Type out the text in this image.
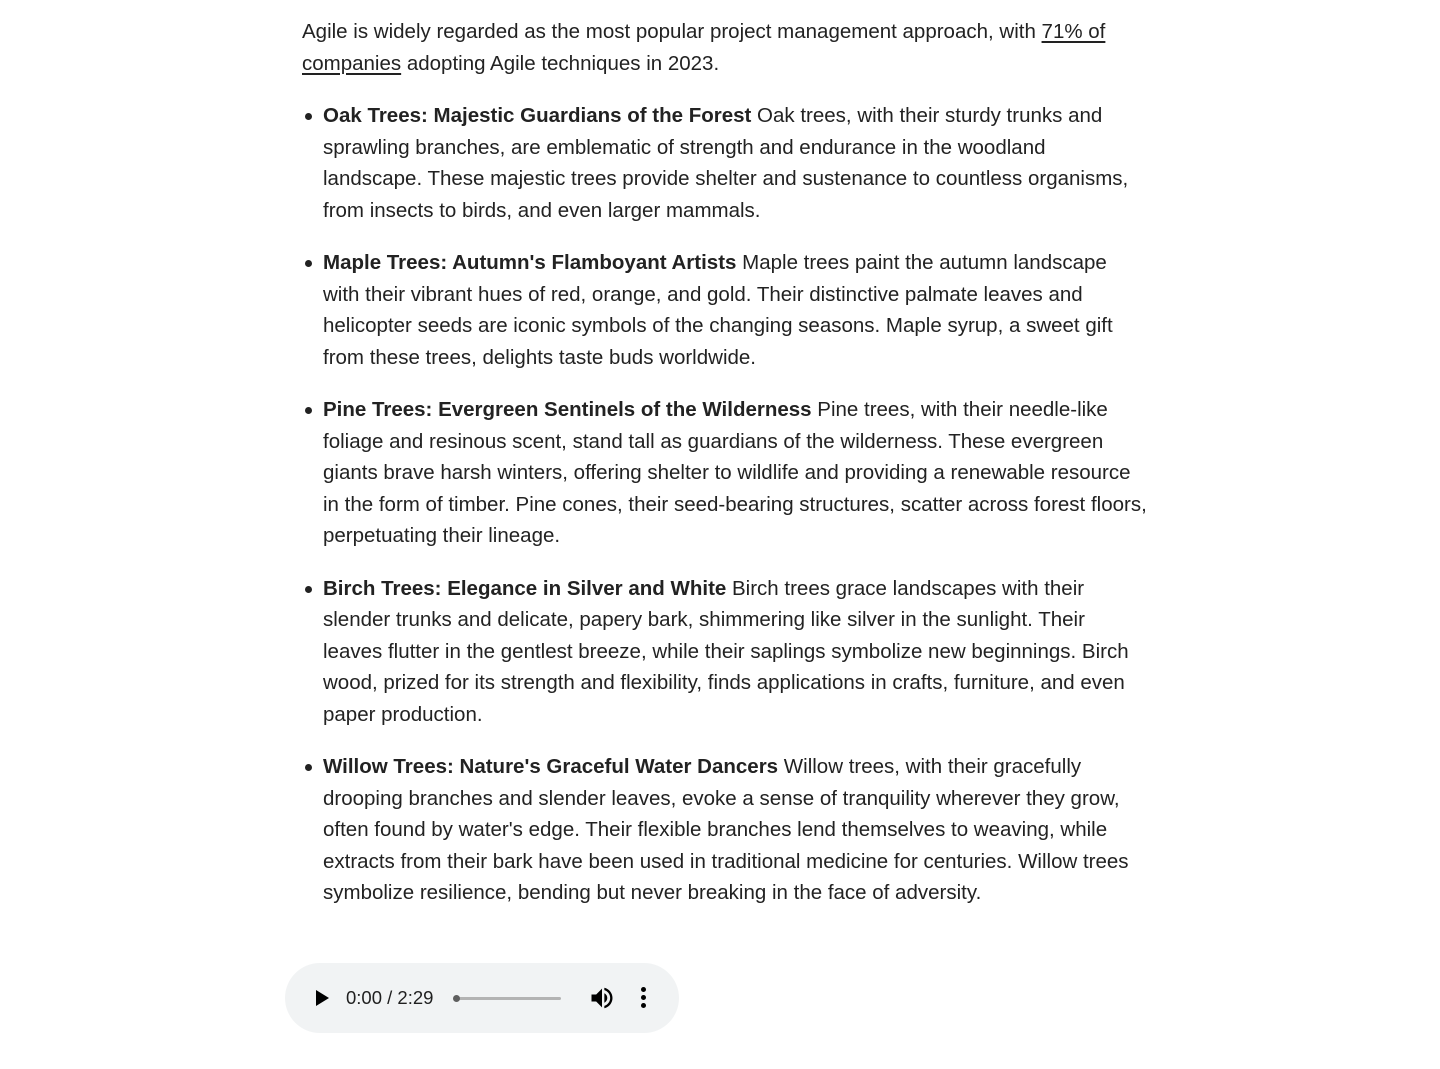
Agile is widely regarded as the most popular project management approach, with 71% of companies adopting Agile techniques in 2023.

Oak Trees: Majestic Guardians of the Forest Oak trees, with their sturdy trunks and sprawling branches, are emblematic of strength and endurance in the woodland landscape. These majestic trees provide shelter and sustenance to countless organisms, from insects to birds, and even larger mammals.
Maple Trees: Autumn's Flamboyant Artists Maple trees paint the autumn landscape with their vibrant hues of red, orange, and gold. Their distinctive palmate leaves and helicopter seeds are iconic symbols of the changing seasons. Maple syrup, a sweet gift from these trees, delights taste buds worldwide.
Pine Trees: Evergreen Sentinels of the Wilderness Pine trees, with their needle-like foliage and resinous scent, stand tall as guardians of the wilderness. These evergreen giants brave harsh winters, offering shelter to wildlife and providing a renewable resource in the form of timber. Pine cones, their seed-bearing structures, scatter across forest floors, perpetuating their lineage.
Birch Trees: Elegance in Silver and White Birch trees grace landscapes with their slender trunks and delicate, papery bark, shimmering like silver in the sunlight. Their leaves flutter in the gentlest breeze, while their saplings symbolize new beginnings. Birch wood, prized for its strength and flexibility, finds applications in crafts, furniture, and even paper production.
Willow Trees: Nature's Graceful Water Dancers Willow trees, with their gracefully drooping branches and slender leaves, evoke a sense of tranquility wherever they grow, often found by water's edge. Their flexible branches lend themselves to weaving, while extracts from their bark have been used in traditional medicine for centuries. Willow trees symbolize resilience, bending but never breaking in the face of adversity.
0:00 / 2:29
